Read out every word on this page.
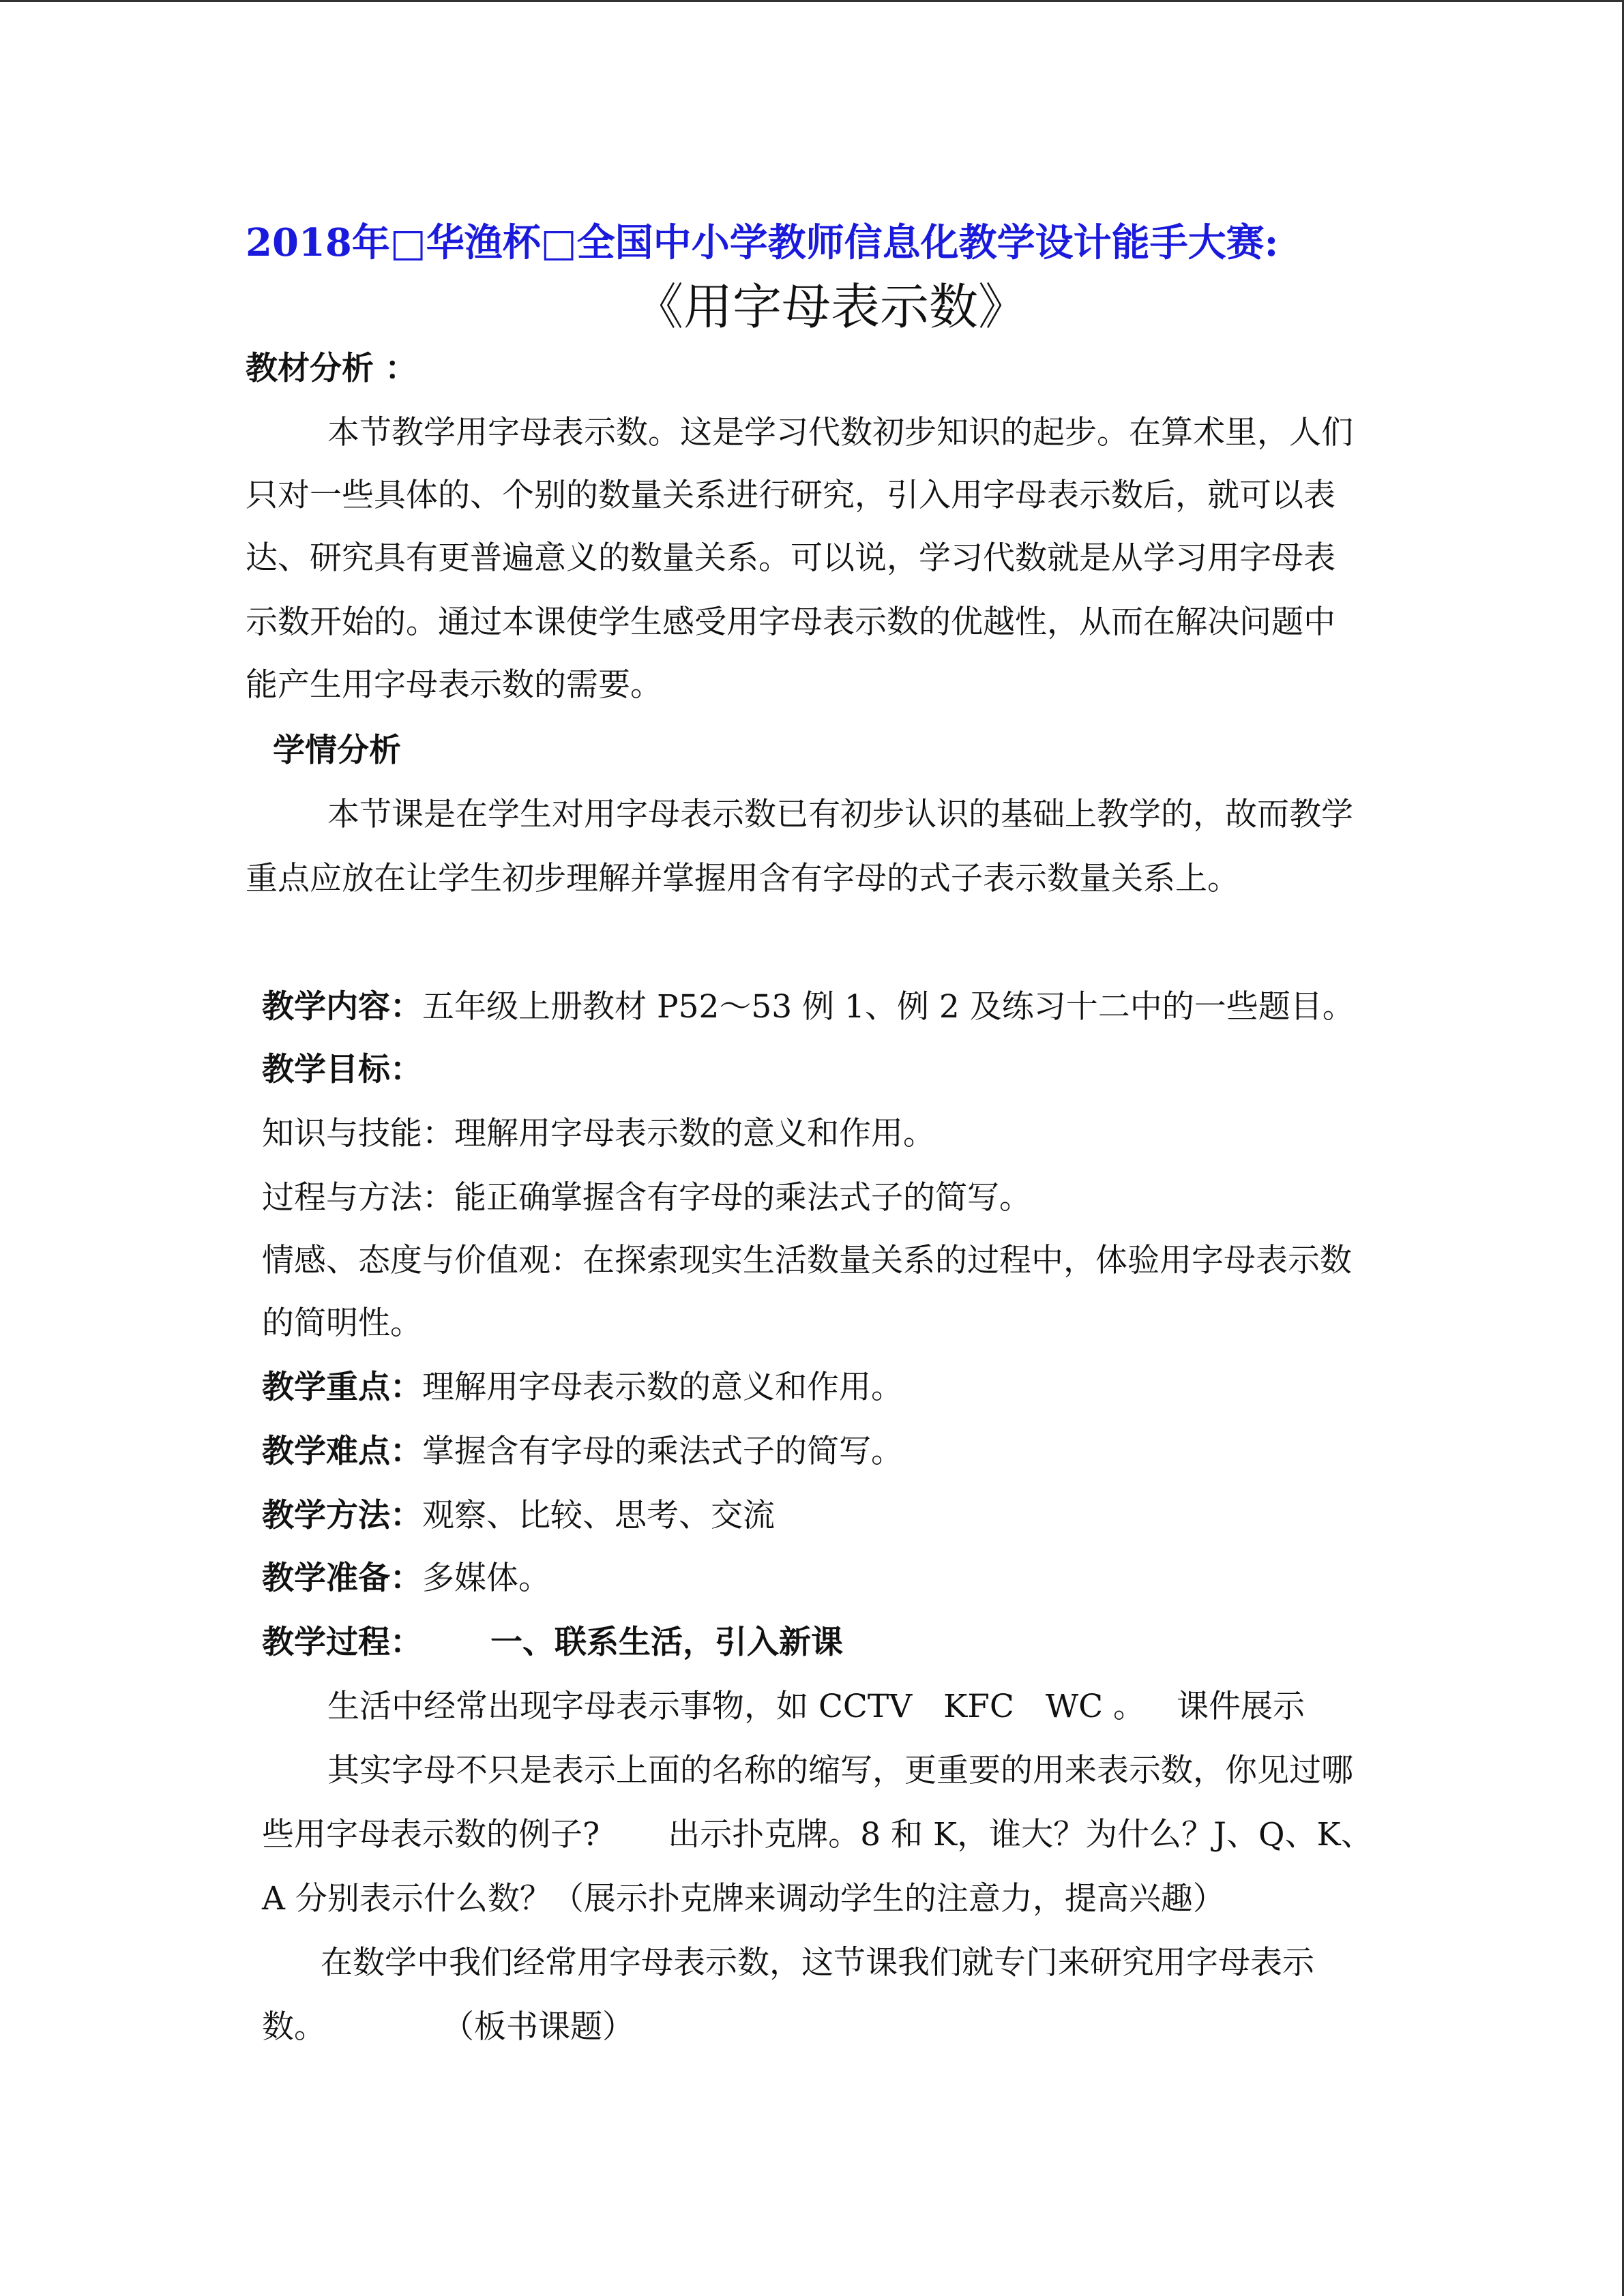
2018年□华渔杯□全国中小学教师信息化教学设计能手大赛:
《用字母表示数》
教材分析 ：
本节教学用字母表示数。这是学习代数初步知识的起步。在算术里，人们
只对一些具体的、个别的数量关系进行研究，引入用字母表示数后，就可以表
达、研究具有更普遍意义的数量关系。可以说，学习代数就是从学习用字母表
示数开始的。通过本课使学生感受用字母表示数的优越性，从而在解决问题中
能产生用字母表示数的需要。
学情分析
本节课是在学生对用字母表示数已有初步认识的基础上教学的，故而教学
重点应放在让学生初步理解并掌握用含有字母的式子表示数量关系上。
教学内容：五年级上册教材 P52～53 例 1、例 2 及练习十二中的一些题目。
教学目标：
知识与技能：理解用字母表示数的意义和作用。
过程与方法：能正确掌握含有字母的乘法式子的简写。
情感、态度与价值观：在探索现实生活数量关系的过程中，体验用字母表示数
的简明性。
教学重点：理解用字母表示数的意义和作用。
教学难点：掌握含有字母的乘法式子的简写。
教学方法：观察、比较、思考、交流
教学准备：多媒体。
教学过程： 一、联系生活，引入新课
生活中经常出现字母表示事物，如 CCTV KFC WC 。 课件展示
其实字母不只是表示上面的名称的缩写，更重要的用来表示数，你见过哪
些用字母表示数的例子? 出示扑克牌。8 和 K，谁大？为什么？J、Q、K、
A 分别表示什么数？（展示扑克牌来调动学生的注意力，提高兴趣）
在数学中我们经常用字母表示数，这节课我们就专门来研究用字母表示
数。	（板书课题）
